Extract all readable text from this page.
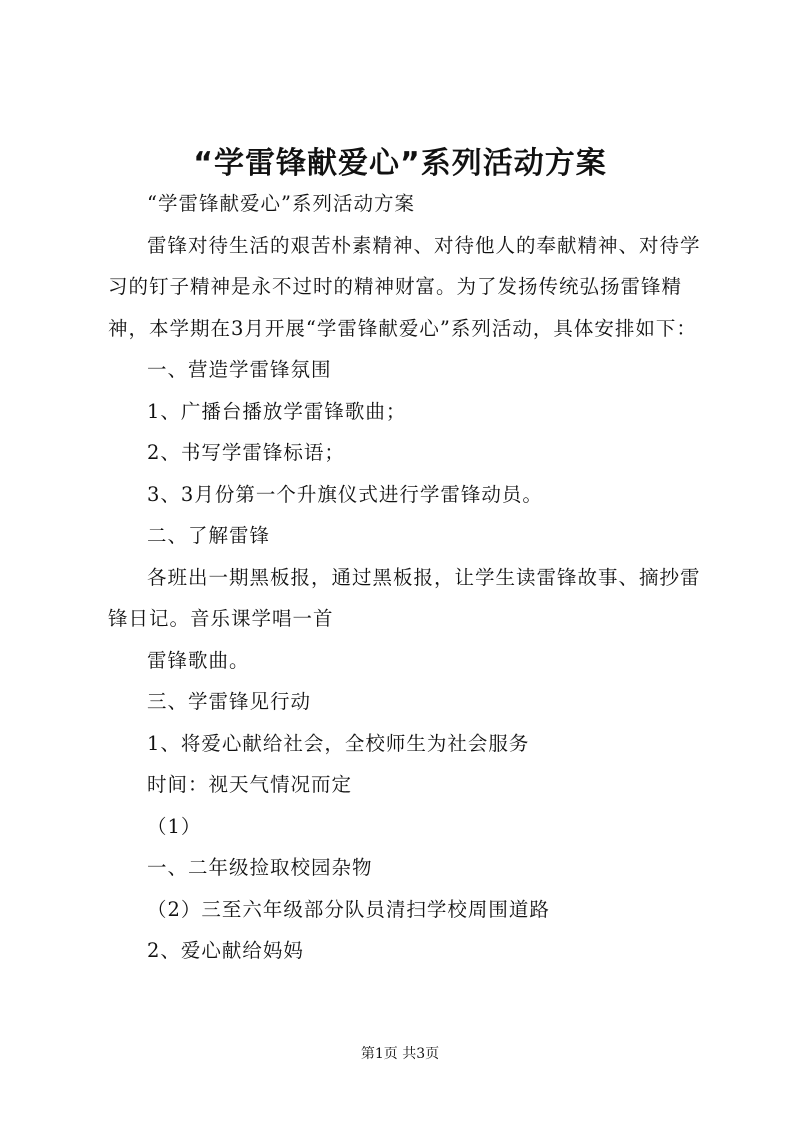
“学雷锋献爱心”系列活动方案

“学雷锋献爱心”系列活动方案

雷锋对待生活的艰苦朴素精神、对待他人的奉献精神、对待学习的钉子精神是永不过时的精神财富。为了发扬传统弘扬雷锋精神，本学期在3月开展“学雷锋献爱心”系列活动，具体安排如下：

一、营造学雷锋氛围

1、广播台播放学雷锋歌曲；

2、书写学雷锋标语；

3、3月份第一个升旗仪式进行学雷锋动员。

二、了解雷锋

各班出一期黑板报，通过黑板报，让学生读雷锋故事、摘抄雷锋日记。音乐课学唱一首

雷锋歌曲。

三、学雷锋见行动

1、将爱心献给社会，全校师生为社会服务

时间：视天气情况而定

（1）

一、二年级捡取校园杂物

（2）三至六年级部分队员清扫学校周围道路

2、爱心献给妈妈

第1页 共3页
